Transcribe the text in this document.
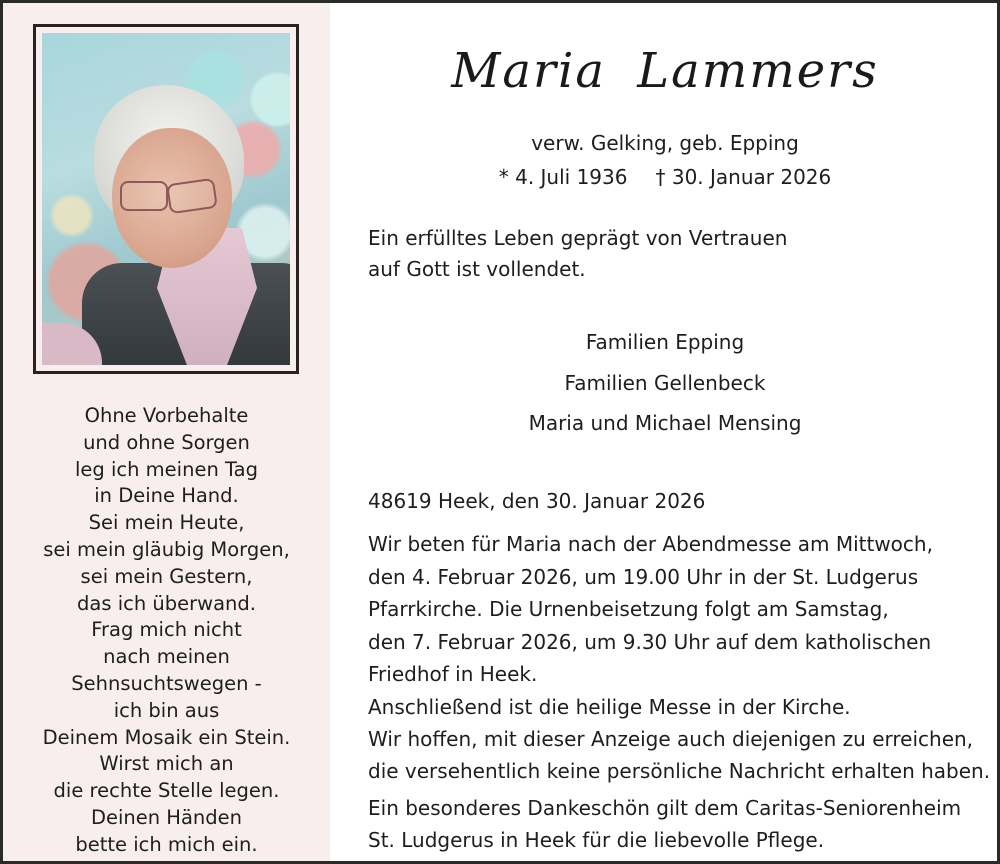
Ohne Vorbehalte
und ohne Sorgen
leg ich meinen Tag
in Deine Hand.
Sei mein Heute,
sei mein gläubig Morgen,
sei mein Gestern,
das ich überwand.
Frag mich nicht
nach meinen
Sehnsuchtswegen -
ich bin aus
Deinem Mosaik ein Stein.
Wirst mich an
die rechte Stelle legen.
Deinen Händen
bette ich mich ein.
Maria Lammers
verw. Gelking, geb. Epping
* 4. Juli 1936 † 30. Januar 2026
Ein erfülltes Leben geprägt von Vertrauen
auf Gott ist vollendet.
Familien Epping
Familien Gellenbeck
Maria und Michael Mensing
48619 Heek, den 30. Januar 2026
Wir beten für Maria nach der Abendmesse am Mittwoch,
den 4. Februar 2026, um 19.00 Uhr in der St. Ludgerus
Pfarrkirche. Die Urnenbeisetzung folgt am Samstag,
den 7. Februar 2026, um 9.30 Uhr auf dem katholischen
Friedhof in Heek.
Anschließend ist die heilige Messe in der Kirche.
Wir hoffen, mit dieser Anzeige auch diejenigen zu erreichen,
die versehentlich keine persönliche Nachricht erhalten haben.
Ein besonderes Dankeschön gilt dem Caritas-Seniorenheim
St. Ludgerus in Heek für die liebevolle Pflege.
